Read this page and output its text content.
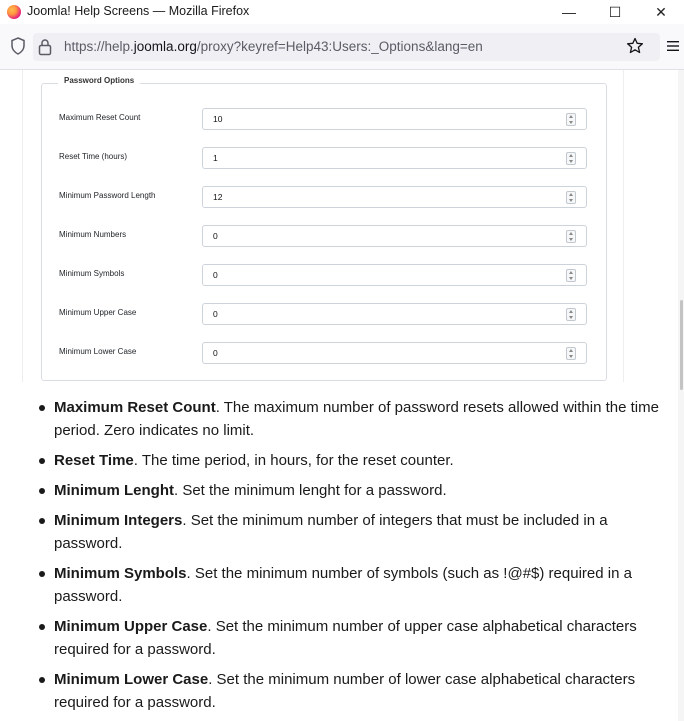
Joomla! Help Screens — Mozilla Firefox	—	☐	✕
https://help.joomla.org/proxy?keyref=Help43:Users:_Options&lang=en
Password Options
Maximum Reset Count	10
Reset Time (hours)	1
Minimum Password Length	12
Minimum Numbers	0
Minimum Symbols	0
Minimum Upper Case	0
Minimum Lower Case	0
Maximum Reset Count. The maximum number of password resets allowed within the time period. Zero indicates no limit.
Reset Time. The time period, in hours, for the reset counter.
Minimum Lenght. Set the minimum lenght for a password.
Minimum Integers. Set the minimum number of integers that must be included in a password.
Minimum Symbols. Set the minimum number of symbols (such as !@#$) required in a password.
Minimum Upper Case. Set the minimum number of upper case alphabetical characters required for a password.
Minimum Lower Case. Set the minimum number of lower case alphabetical characters required for a password.
